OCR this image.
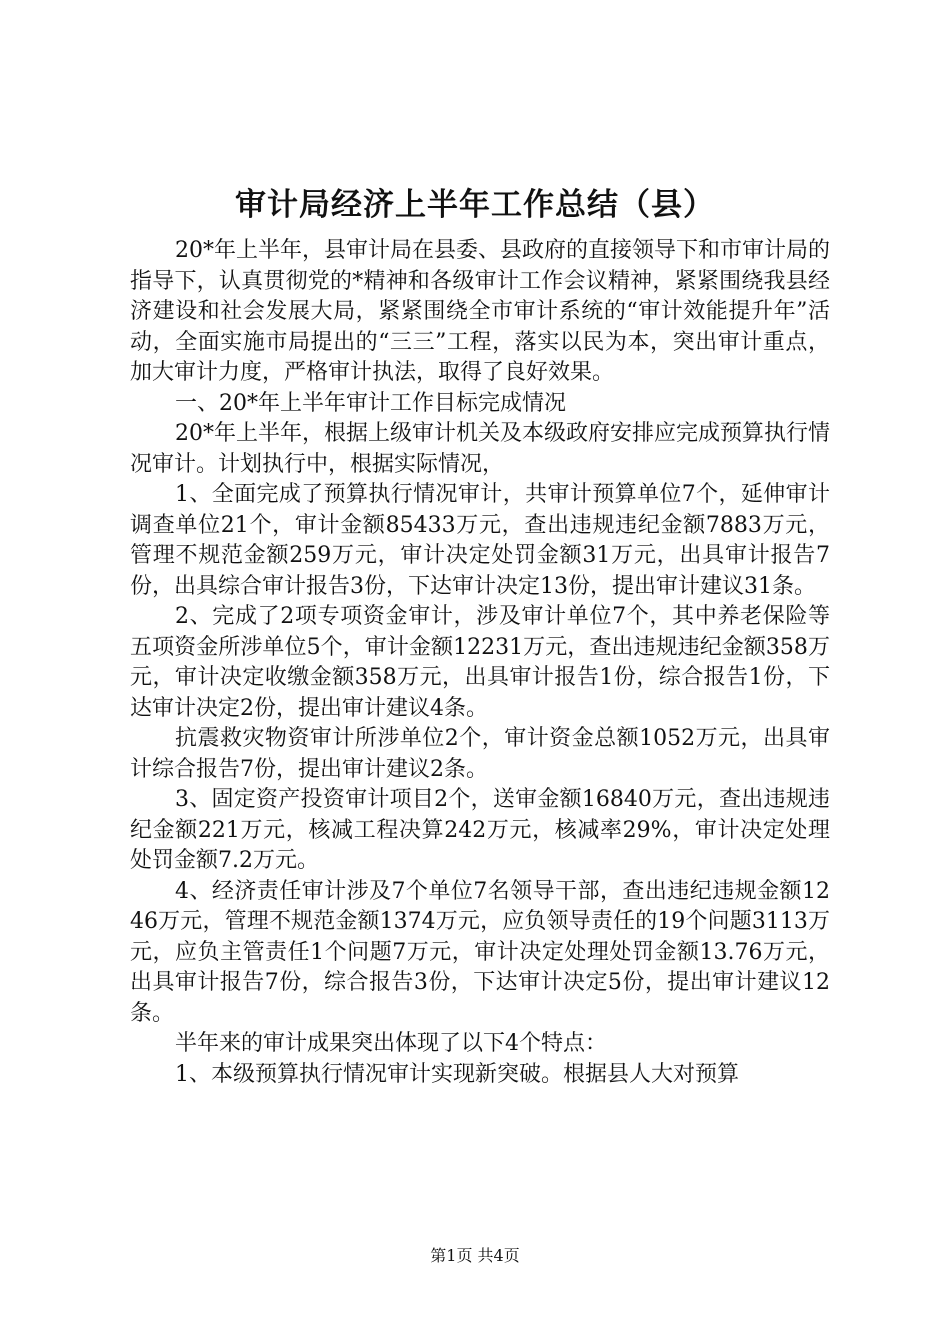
审计局经济上半年工作总结（县）

20*年上半年，县审计局在县委、县政府的直接领导下和市审计局的指导下，认真贯彻党的*精神和各级审计工作会议精神，紧紧围绕我县经济建设和社会发展大局，紧紧围绕全市审计系统的“审计效能提升年”活动，全面实施市局提出的“三三”工程，落实以民为本，突出审计重点，加大审计力度，严格审计执法，取得了良好效果。

一、20*年上半年审计工作目标完成情况

20*年上半年，根据上级审计机关及本级政府安排应完成预算执行情况审计。计划执行中，根据实际情况，

1、全面完成了预算执行情况审计，共审计预算单位7个，延伸审计调查单位21个，审计金额85433万元，查出违规违纪金额7883万元，管理不规范金额259万元，审计决定处罚金额31万元，出具审计报告7份，出具综合审计报告3份，下达审计决定13份，提出审计建议31条。

2、完成了2项专项资金审计，涉及审计单位7个，其中养老保险等五项资金所涉单位5个，审计金额12231万元，查出违规违纪金额358万元，审计决定收缴金额358万元，出具审计报告1份，综合报告1份，下达审计决定2份，提出审计建议4条。

抗震救灾物资审计所涉单位2个，审计资金总额1052万元，出具审计综合报告7份，提出审计建议2条。

3、固定资产投资审计项目2个，送审金额16840万元，查出违规违纪金额221万元，核减工程决算242万元，核减率29%，审计决定处理处罚金额7.2万元。

4、经济责任审计涉及7个单位7名领导干部，查出违纪违规金额1246万元，管理不规范金额1374万元，应负领导责任的19个问题3113万元，应负主管责任1个问题7万元，审计决定处理处罚金额13.76万元，出具审计报告7份，综合报告3份，下达审计决定5份，提出审计建议12条。

半年来的审计成果突出体现了以下4个特点：

1、本级预算执行情况审计实现新突破。根据县人大对预算

第1页 共4页
